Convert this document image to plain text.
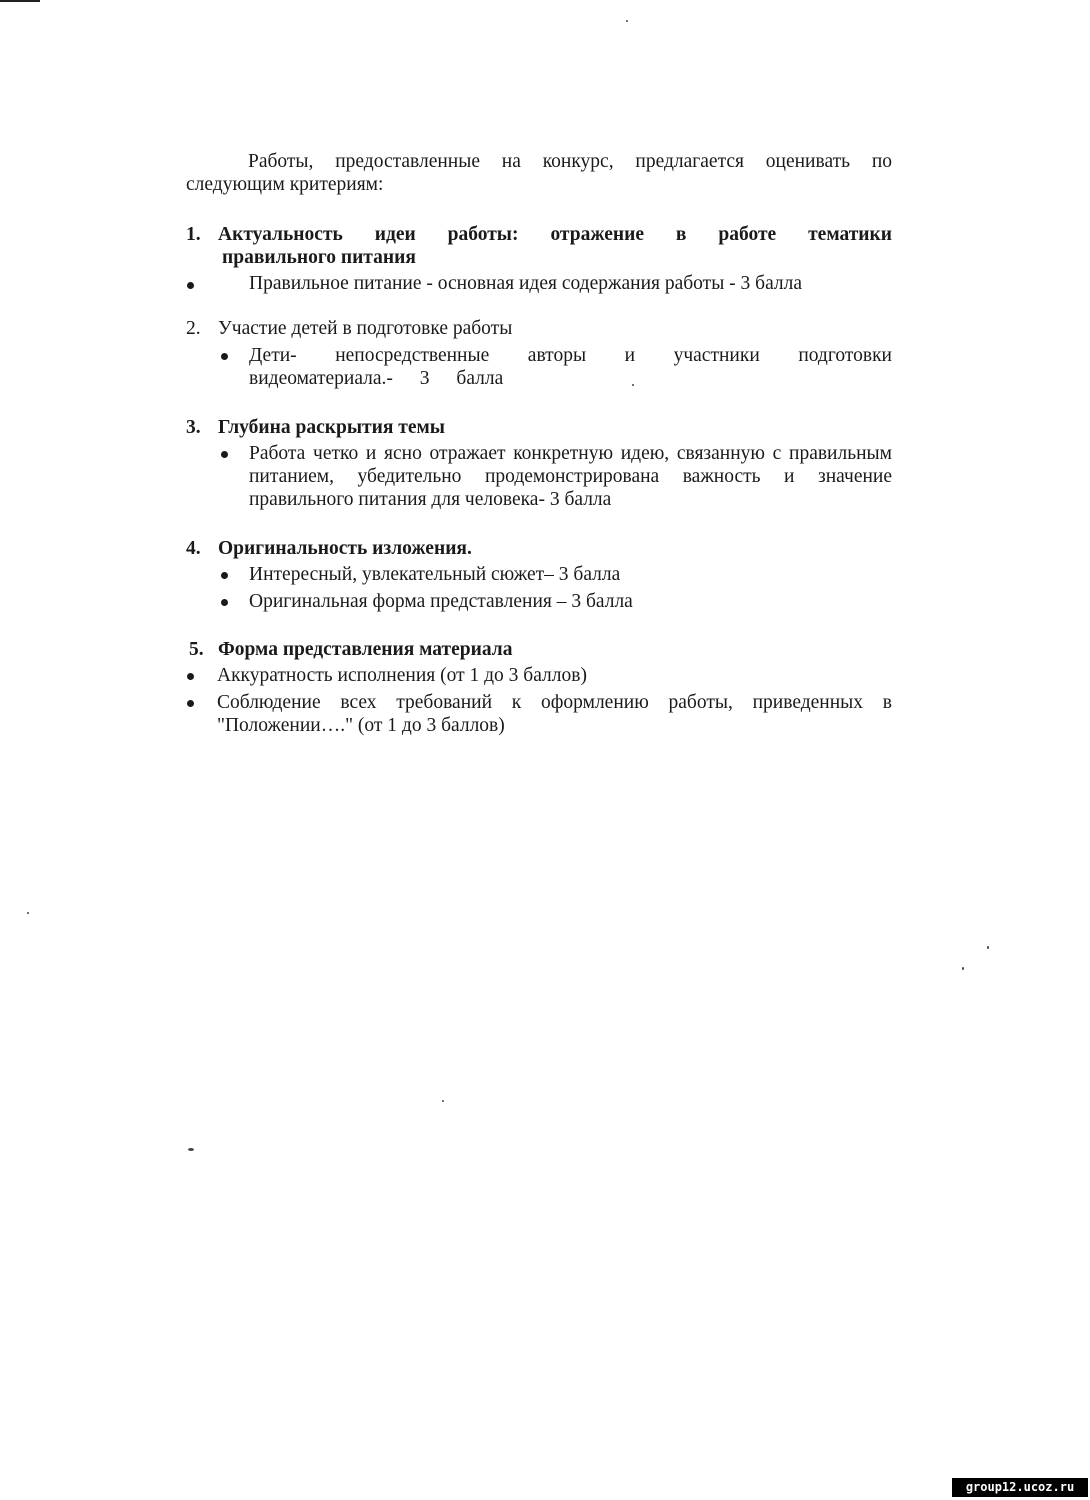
Работы, предоставленные на конкурс, предлагается оценивать по следующим критериям:

1. Актуальность идеи работы: отражение в работе тематики
правильного питания
Правильное питание - основная идея содержания работы - 3 балла
2. Участие детей в подготовке работы
Дети- непосредственные авторы и участники подготовки видеоматериала.- 3 балла
3. Глубина раскрытия темы
Работа четко и ясно отражает конкретную идею, связанную с правильным питанием, убедительно продемонстрирована важность и значение правильного питания для человека- 3 балла
4. Оригинальность изложения.
Интересный, увлекательный сюжет– 3 балла
Оригинальная форма представления – 3 балла
5. Форма представления материала
Аккуратность исполнения (от 1 до 3 баллов)
Соблюдение всех требований к оформлению работы, приведенных в "Положении…." (от 1 до 3 баллов)
group12.ucoz.ru
